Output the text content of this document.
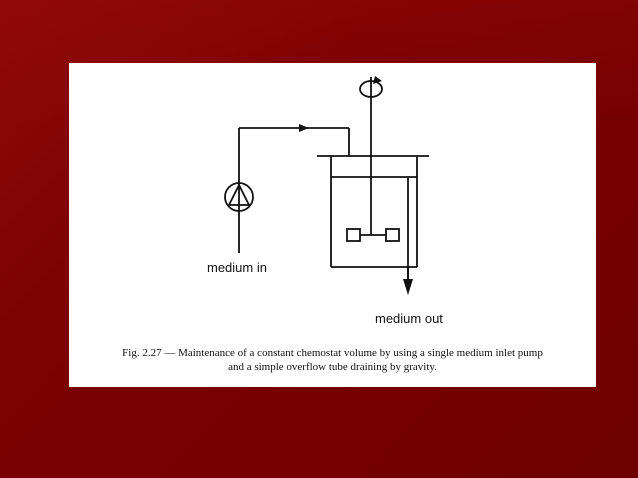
medium in
medium out
Fig. 2.27 — Maintenance of a constant chemostat volume by using a single medium inlet pump
and a simple overflow tube draining by gravity.
